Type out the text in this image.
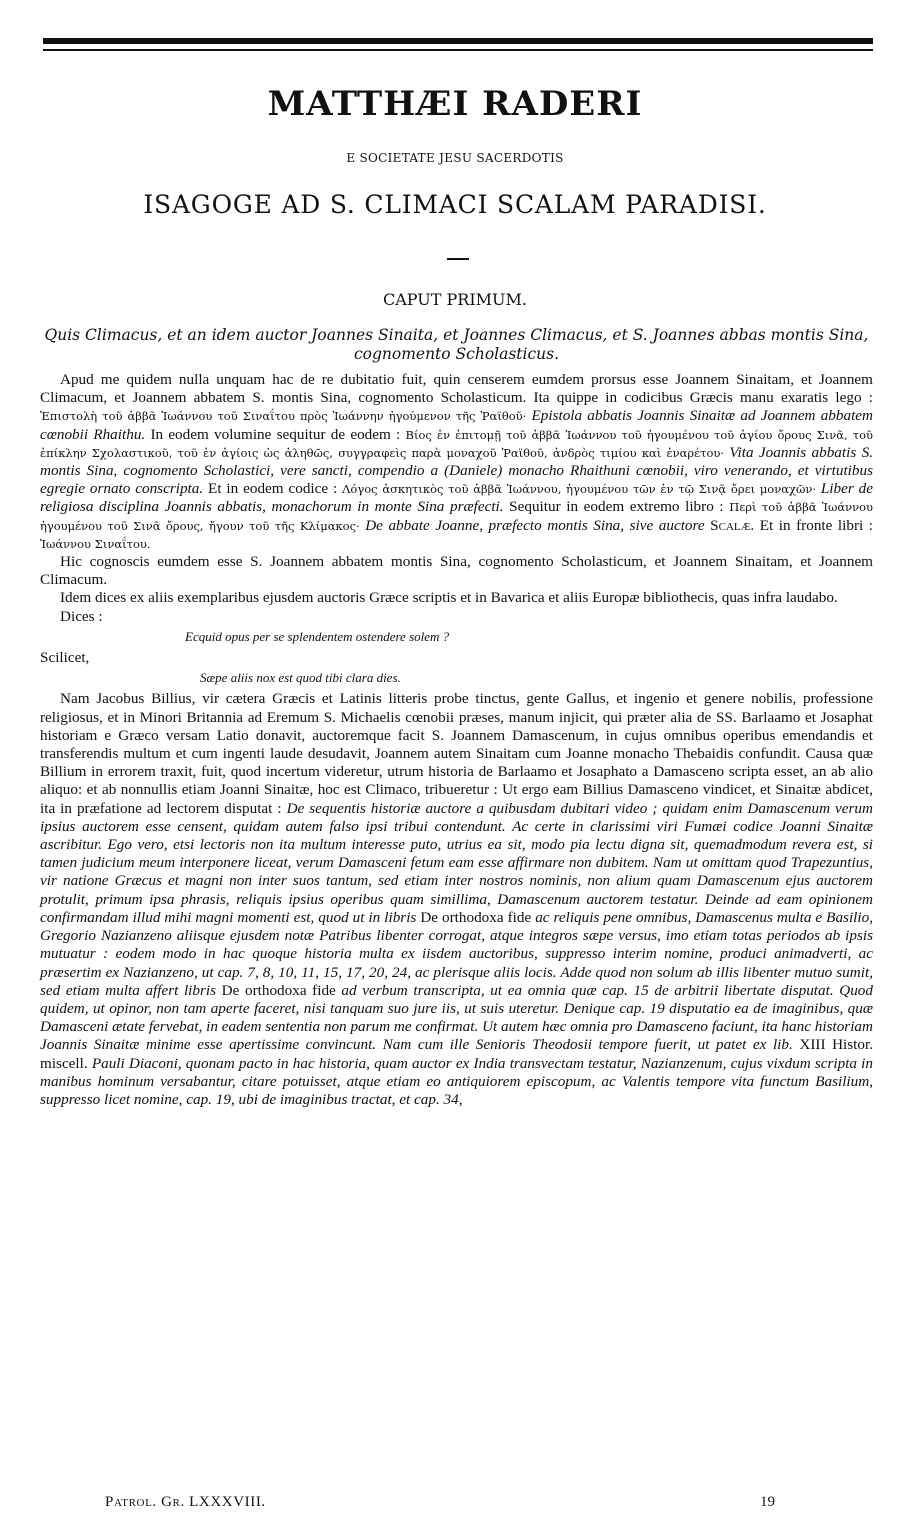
MATTHÆI RADERI
E SOCIETATE JESU SACERDOTIS
ISAGOGE AD S. CLIMACI SCALAM PARADISI.
CAPUT PRIMUM.
Quis Climacus, et an idem auctor Joannes Sinaita, et Joannes Climacus, et S. Joannes abbas montis Sina, cognomento Scholasticus.

Apud me quidem nulla unquam hac de re dubitatio fuit, quin censerem eumdem prorsus esse Joannem Sinaitam, et Joannem Climacum, et Joannem abbatem S. montis Sina, cognomento Scholasticum. Ita quippe in codicibus Græcis manu exaratis lego : Ἐπιστολὴ τοῦ ἀββᾶ Ἰωάννου τοῦ Σιναΐτου πρὸς Ἰωάννην ἡγούμενον τῆς Ῥαϊθοῦ· Epistola abbatis Joannis Sinaitæ ad Joannem abbatem cœnobii Rhaithu. In eodem volumine sequitur de eodem : Βίος ἐν ἐπιτομῇ τοῦ ἀββᾶ Ἰωάννου τοῦ ἡγουμένου τοῦ ἁγίου ὄρους Σινᾶ, τοῦ ἐπίκλην Σχολαστικοῦ, τοῦ ἐν ἁγίοις ὡς ἀληθῶς, συγγραφεὶς παρὰ μοναχοῦ Ῥαϊθοῦ, ἀνδρὸς τιμίου καὶ ἐναρέτου· Vita Joannis abbatis S. montis Sina, cognomento Scholastici, vere sancti, compendio a (Daniele) monacho Rhaithuni cœnobii, viro venerando, et virtutibus egregie ornato conscripta. Et in eodem codice : Λόγος ἀσκητικὸς τοῦ ἀββᾶ Ἰωάννου, ἡγουμένου τῶν ἐν τῷ Σινᾷ ὄρει μοναχῶν· Liber de religiosa disciplina Joannis abbatis, monachorum in monte Sina præfecti. Sequitur in eodem extremo libro : Περὶ τοῦ ἀββᾶ Ἰωάννου ἡγουμένου τοῦ Σινᾶ ὄρους, ἤγουν τοῦ τῆς Κλίμακος· De abbate Joanne, præfecto montis Sina, sive auctore Scalæ. Et in fronte libri : Ἰωάννου Σιναΐτου.

Hic cognoscis eumdem esse S. Joannem abbatem montis Sina, cognomento Scholasticum, et Joannem Sinaitam, et Joannem Climacum.

Idem dices ex aliis exemplaribus ejusdem auctoris Græce scriptis et in Bavarica et aliis Europæ bibliothecis, quas infra laudabo.

Dices :

Ecquid opus per se splendentem ostendere solem ?

Scilicet,

Sæpe aliis nox est quod tibi clara dies.

Nam Jacobus Billius, vir cætera Græcis et Latinis litteris probe tinctus, gente Gallus, et ingenio et genere nobilis, professione religiosus, et in Minori Britannia ad Eremum S. Michaelis cœnobii præses, manum injicit, qui præter alia de SS. Barlaamo et Josaphat historiam e Græco versam Latio donavit, auctoremque facit S. Joannem Damascenum, in cujus omnibus operibus emendandis et transferendis multum et cum ingenti laude desudavit, Joannem autem Sinaitam cum Joanne monacho Thebaidis confundit. Causa quæ Billium in errorem traxit, fuit, quod incertum videretur, utrum historia de Barlaamo et Josaphato a Damasceno scripta esset, an ab alio aliquo: et ab nonnullis etiam Joanni Sinaitæ, hoc est Climaco, tribueretur : Ut ergo eam Billius Damasceno vindicet, et Sinaitæ abdicet, ita in præfatione ad lectorem disputat : De sequentis historiæ auctore a quibusdam dubitari video ; quidam enim Damascenum verum ipsius auctorem esse censent, quidam autem falso ipsi tribui contendunt. Ac certe in clarissimi viri Fumæi codice Joanni Sinaitæ ascribitur. Ego vero, etsi lectoris non ita multum interesse puto, utrius ea sit, modo pia lectu digna sit, quemadmodum revera est, si tamen judicium meum interponere liceat, verum Damasceni fetum eam esse affirmare non dubitem. Nam ut omittam quod Trapezuntius, vir natione Græcus et magni non inter suos tantum, sed etiam inter nostros nominis, non alium quam Damascenum ejus auctorem protulit, primum ipsa phrasis, reliquis ipsius operibus quam simillima, Damascenum auctorem testatur. Deinde ad eam opinionem confirmandam illud mihi magni momenti est, quod ut in libris De orthodoxa fide ac reliquis pene omnibus, Damascenus multa e Basilio, Gregorio Nazianzeno aliisque ejusdem notæ Patribus libenter corrogat, atque integros sæpe versus, imo etiam totas periodos ab ipsis mutuatur : eodem modo in hac quoque historia multa ex iisdem auctoribus, suppresso interim nomine, produci animadverti, ac præsertim ex Nazianzeno, ut cap. 7, 8, 10, 11, 15, 17, 20, 24, ac plerisque aliis locis. Adde quod non solum ab illis libenter mutuo sumit, sed etiam multa affert libris De orthodoxa fide ad verbum transcripta, ut ea omnia quæ cap. 15 de arbitrii libertate disputat. Quod quidem, ut opinor, non tam aperte faceret, nisi tanquam suo jure iis, ut suis uteretur. Denique cap. 19 disputatio ea de imaginibus, quæ Damasceni ætate fervebat, in eadem sententia non parum me confirmat. Ut autem hæc omnia pro Damasceno faciunt, ita hanc historiam Joannis Sinaitæ minime esse apertissime convincunt. Nam cum ille Senioris Theodosii tempore fuerit, ut patet ex lib. XIII Histor. miscell. Pauli Diaconi, quonam pacto in hac historia, quam auctor ex India transvectam testatur, Nazianzenum, cujus vixdum scripta in manibus hominum versabantur, citare potuisset, atque etiam eo antiquiorem episcopum, ac Valentis tempore vita functum Basilium, suppresso licet nomine, cap. 19, ubi de imaginibus tractat, et cap. 34,

Patrol. Gr. LXXXVIII.	19
